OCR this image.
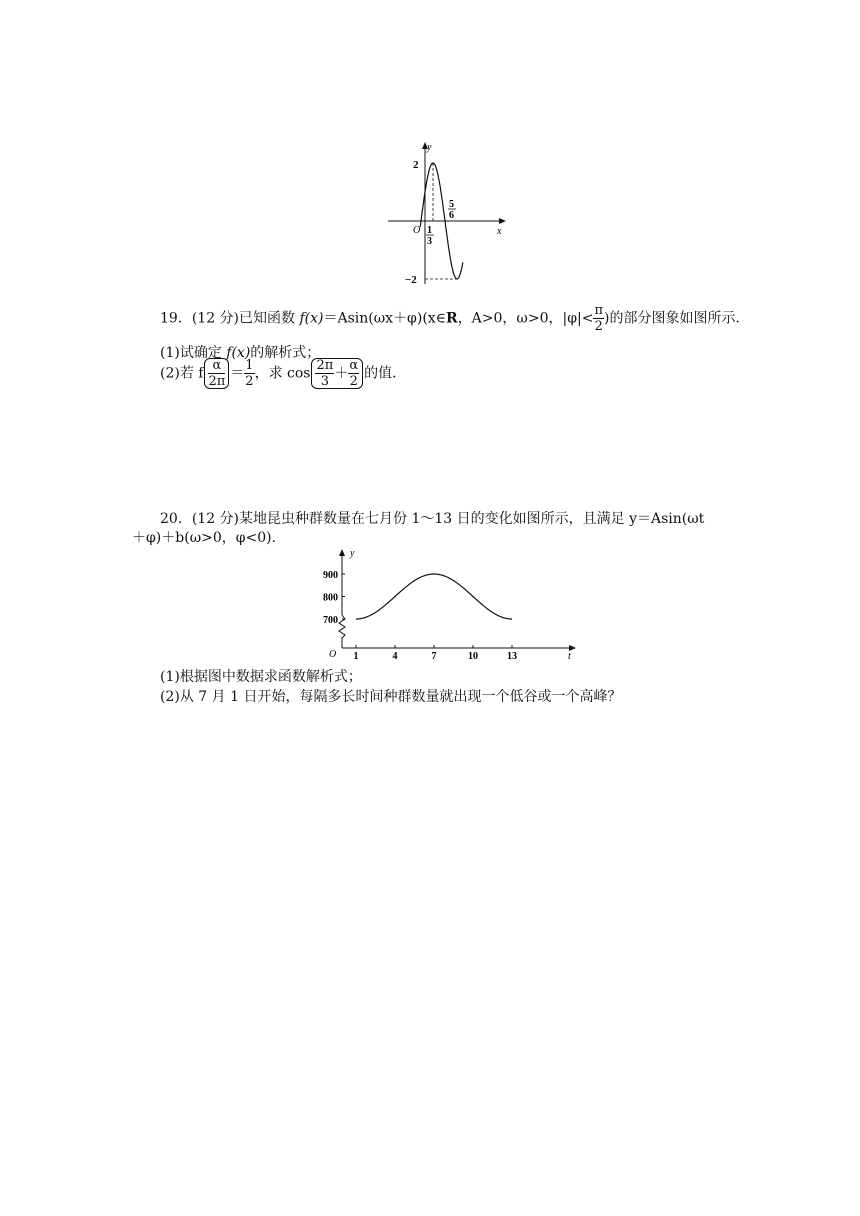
y
x
O
2
−2
1
3
5
6
19．(12 分)已知函数 f(x)＝Asin(ωx＋φ)(x∈R，A>0，ω>0，$|\varphi|< \frac{\pi}{2}$ )的部分图象如图所示．
(1)试确定 f(x)的解析式；
(2)若 f $\frac{\alpha}{2\pi} = \frac{1}{2}$ ，求 $\cos \frac{2\pi}{3} + \frac{\alpha}{2}$ 的值．
20．(12 分)某地昆虫种群数量在七月份 1～13 日的变化如图所示，且满足 y＝Asin(ωt
＋φ)＋b(ω>0，φ<0)．
1	4	7	10	13
700
800
900
y
t
O
(1)根据图中数据求函数解析式；
(2)从 7 月 1 日开始，每隔多长时间种群数量就出现一个低谷或一个高峰？
